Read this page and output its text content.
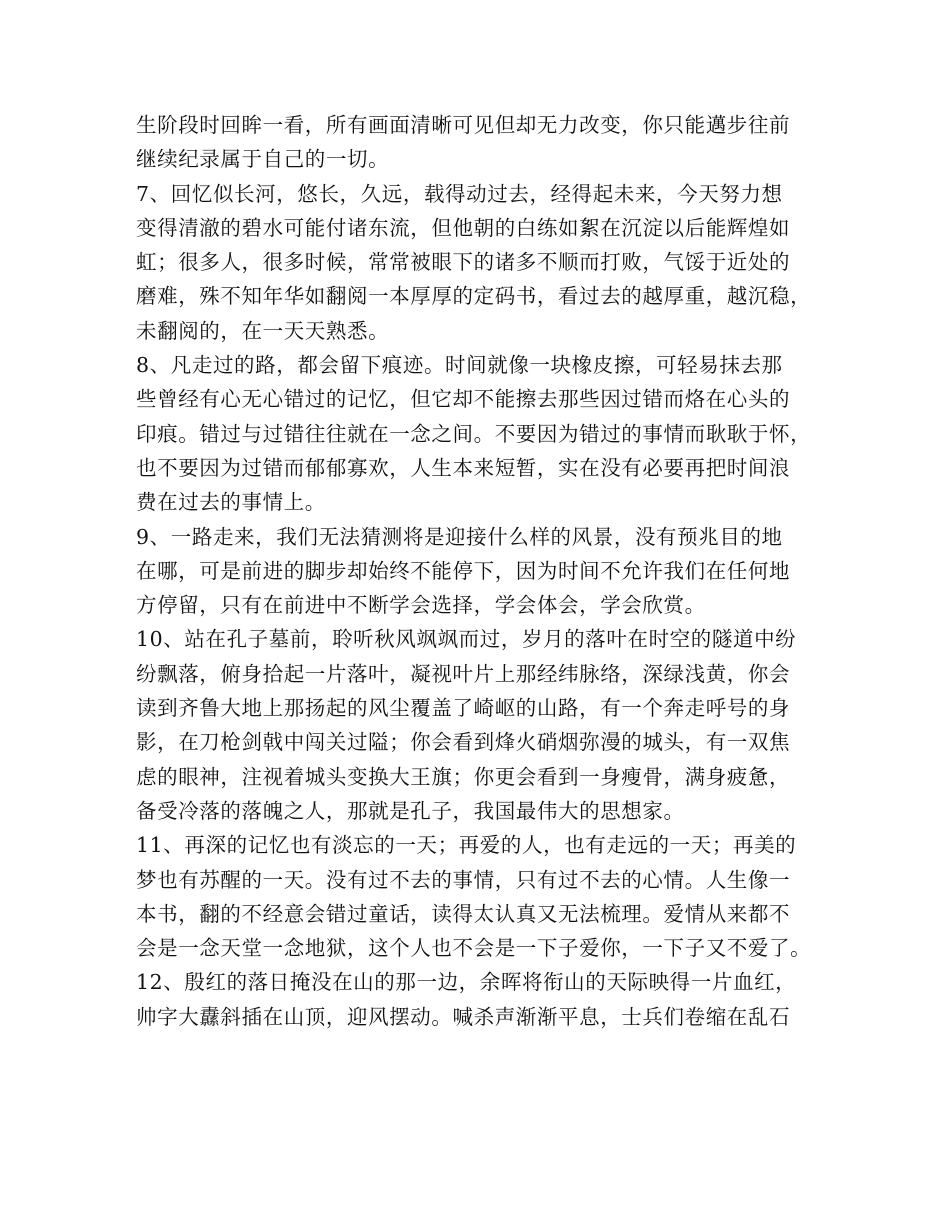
生阶段时回眸一看，所有画面清晰可见但却无力改变，你只能邁步往前
继续纪录属于自己的一切。
7、回忆似长河，悠长，久远，载得动过去，经得起未来，今天努力想
变得清澈的碧水可能付诸东流，但他朝的白练如絮在沉淀以后能辉煌如
虹；很多人，很多时候，常常被眼下的诸多不顺而打败，气馁于近处的
磨难，殊不知年华如翻阅一本厚厚的定码书，看过去的越厚重，越沉稳，
未翻阅的，在一天天熟悉。
8、凡走过的路，都会留下痕迹。时间就像一块橡皮擦，可轻易抹去那
些曾经有心无心错过的记忆，但它却不能擦去那些因过错而烙在心头的
印痕。错过与过错往往就在一念之间。不要因为错过的事情而耿耿于怀，
也不要因为过错而郁郁寡欢，人生本来短暂，实在没有必要再把时间浪
费在过去的事情上。
9、一路走来，我们无法猜测将是迎接什么样的风景，没有预兆目的地
在哪，可是前进的脚步却始终不能停下，因为时间不允许我们在任何地
方停留，只有在前进中不断学会选择，学会体会，学会欣赏。
10、站在孔子墓前，聆听秋风飒飒而过，岁月的落叶在时空的隧道中纷
纷飘落，俯身拾起一片落叶，凝视叶片上那经纬脉络，深绿浅黄，你会
读到齐鲁大地上那扬起的风尘覆盖了崎岖的山路，有一个奔走呼号的身
影，在刀枪剑戟中闯关过隘；你会看到烽火硝烟弥漫的城头，有一双焦
虑的眼神，注视着城头变换大王旗；你更会看到一身瘦骨，满身疲惫，
备受冷落的落魄之人，那就是孔子，我国最伟大的思想家。
11、再深的记忆也有淡忘的一天；再爱的人，也有走远的一天；再美的
梦也有苏醒的一天。没有过不去的事情，只有过不去的心情。人生像一
本书，翻的不经意会错过童话，读得太认真又无法梳理。爱情从来都不
会是一念天堂一念地狱，这个人也不会是一下子爱你，一下子又不爱了。
12、殷红的落日掩没在山的那一边，余晖将衔山的天际映得一片血红，
帅字大纛斜插在山顶，迎风摆动。喊杀声渐渐平息，士兵们卷缩在乱石
